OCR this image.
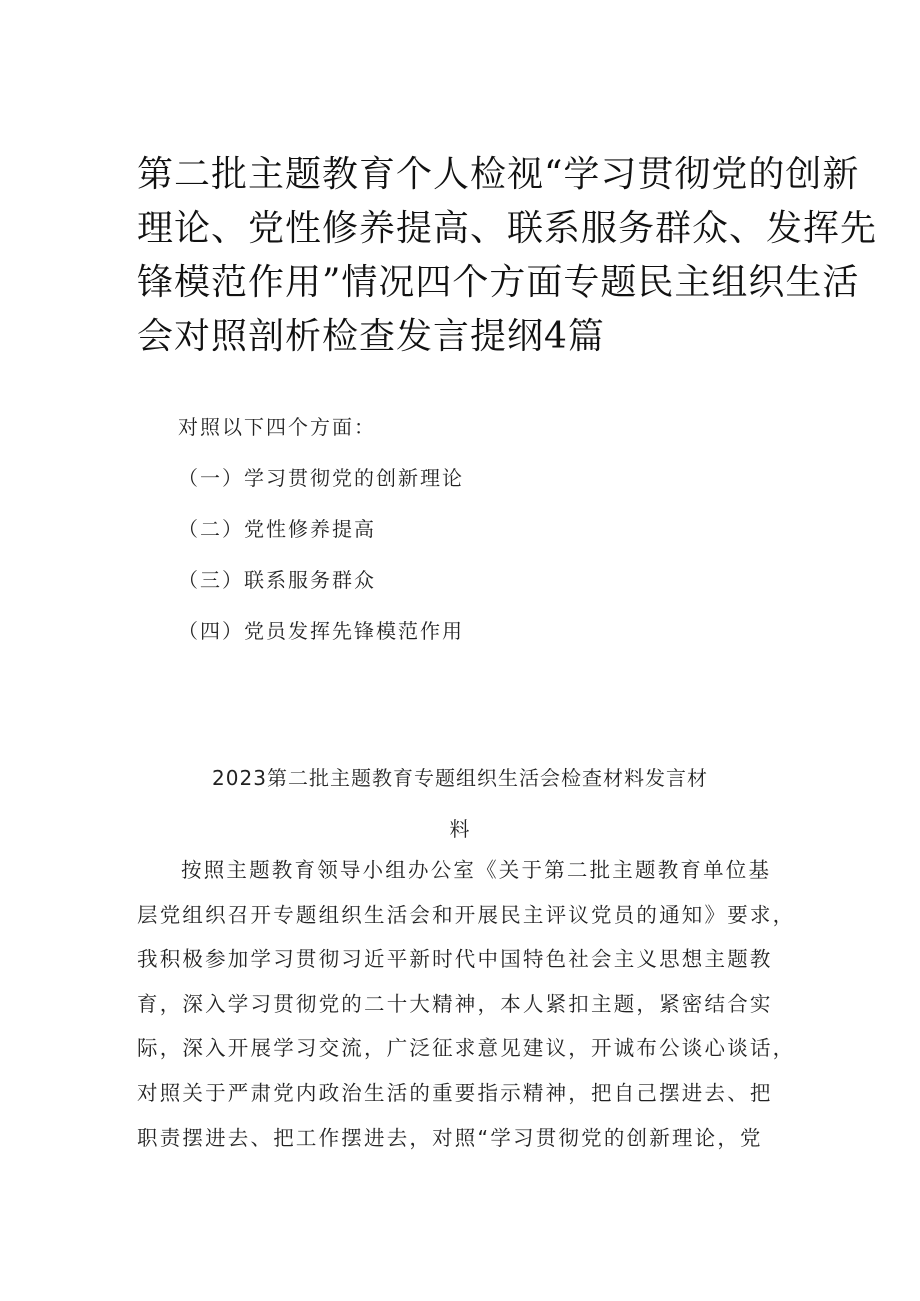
第二批主题教育个人检视“学习贯彻党的创新
理论、党性修养提高、联系服务群众、发挥先
锋模范作用”情况四个方面专题民主组织生活
会对照剖析检查发言提纲4篇
对照以下四个方面：
（一）学习贯彻党的创新理论
（二）党性修养提高
（三）联系服务群众
（四）党员发挥先锋模范作用
2023第二批主题教育专题组织生活会检查材料发言材
料
按照主题教育领导小组办公室《关于第二批主题教育单位基
层党组织召开专题组织生活会和开展民主评议党员的通知》要求，
我积极参加学习贯彻习近平新时代中国特色社会主义思想主题教
育，深入学习贯彻党的二十大精神，本人紧扣主题，紧密结合实
际，深入开展学习交流，广泛征求意见建议，开诚布公谈心谈话，
对照关于严肃党内政治生活的重要指示精神，把自己摆进去、把
职责摆进去、把工作摆进去，对照“学习贯彻党的创新理论，党
